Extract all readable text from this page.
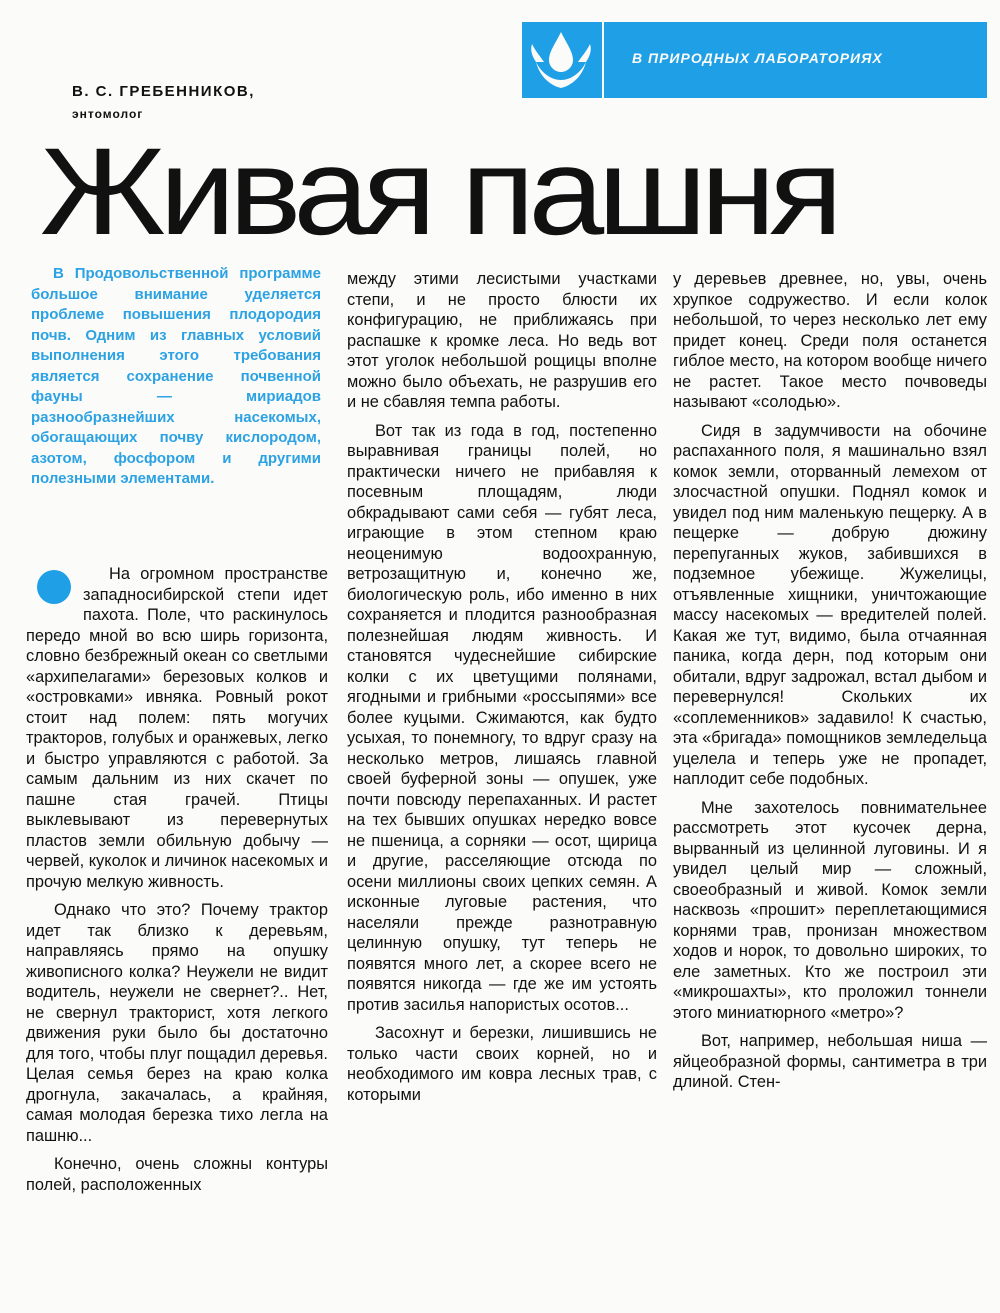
В ПРИРОДНЫХ ЛАБОРАТОРИЯХ
В. С. ГРЕБЕННИКОВ,
энтомолог
Живая пашня

В Продовольственной программе большое внимание уделяется проблеме повышения плодородия почв. Одним из главных условий выполнения этого требования является сохранение почвенной фауны — мириадов разнообразнейших насекомых, обогащающих почву кислородом, азотом, фосфором и другими полезными элементами.

На огромном пространстве западносибирской степи идет пахота. Поле, что раскинулось передо мной во всю ширь горизонта, словно безбрежный океан со светлыми «архипелагами» березовых колков и «островками» ивняка. Ровный рокот стоит над полем: пять могучих тракторов, голубых и оранжевых, легко и быстро управляются с работой. За самым дальним из них скачет по пашне стая грачей. Птицы выклевывают из перевернутых пластов земли обильную добычу — червей, куколок и личинок насекомых и прочую мелкую живность.

Однако что это? Почему трактор идет так близко к деревьям, направляясь прямо на опушку живописного колка? Неужели не видит водитель, неужели не свернет?.. Нет, не свернул тракторист, хотя легкого движения руки было бы достаточно для того, чтобы плуг пощадил деревья. Целая семья берез на краю колка дрогнула, закачалась, а крайняя, самая молодая березка тихо легла на пашню...

Конечно, очень сложны контуры полей, расположенных

между этими лесистыми участками степи, и не просто блюсти их конфигурацию, не приближаясь при распашке к кромке леса. Но ведь вот этот уголок небольшой рощицы вполне можно было объехать, не разрушив его и не сбавляя темпа работы.

Вот так из года в год, постепенно выравнивая границы полей, но практически ничего не прибавляя к посевным площадям, люди обкрадывают сами себя — губят леса, играющие в этом степном краю неоценимую водоохранную, ветрозащитную и, конечно же, биологическую роль, ибо именно в них сохраняется и плодится разнообразная полезнейшая людям живность. И становятся чудеснейшие сибирские колки с их цветущими полянами, ягодными и грибными «россыпями» все более куцыми. Сжимаются, как будто усыхая, то понемногу, то вдруг сразу на несколько метров, лишаясь главной своей буферной зоны — опушек, уже почти повсюду перепаханных. И растет на тех бывших опушках нередко вовсе не пшеница, а сорняки — осот, щирица и другие, расселяющие отсюда по осени миллионы своих цепких семян. А исконные луговые растения, что населяли прежде разнотравную целинную опушку, тут теперь не появятся много лет, а скорее всего не появятся никогда — где же им устоять против засилья напористых осотов...

Засохнут и березки, лишившись не только части своих корней, но и необходимого им ковра лесных трав, с которыми

у деревьев древнее, но, увы, очень хрупкое содружество. И если колок небольшой, то через несколько лет ему придет конец. Среди поля останется гиблое место, на котором вообще ничего не растет. Такое место почвоведы называют «солодью».

Сидя в задумчивости на обочине распаханного поля, я машинально взял комок земли, оторванный лемехом от злосчастной опушки. Поднял комок и увидел под ним маленькую пещерку. А в пещерке — добрую дюжину перепуганных жуков, забившихся в подземное убежище. Жужелицы, отъявленные хищники, уничтожающие массу насекомых — вредителей полей. Какая же тут, видимо, была отчаянная паника, когда дерн, под которым они обитали, вдруг задрожал, встал дыбом и перевернулся! Скольких их «соплеменников» задавило! К счастью, эта «бригада» помощников земледельца уцелела и теперь уже не пропадет, наплодит себе подобных.

Мне захотелось повнимательнее рассмотреть этот кусочек дерна, вырванный из целинной луговины. И я увидел целый мир — сложный, своеобразный и живой. Комок земли насквозь «прошит» переплетающимися корнями трав, пронизан множеством ходов и норок, то довольно широких, то еле заметных. Кто же построил эти «микрошахты», кто проложил тоннели этого миниатюрного «метро»?

Вот, например, небольшая ниша — яйцеобразной формы, сантиметра в три длиной. Стен-
